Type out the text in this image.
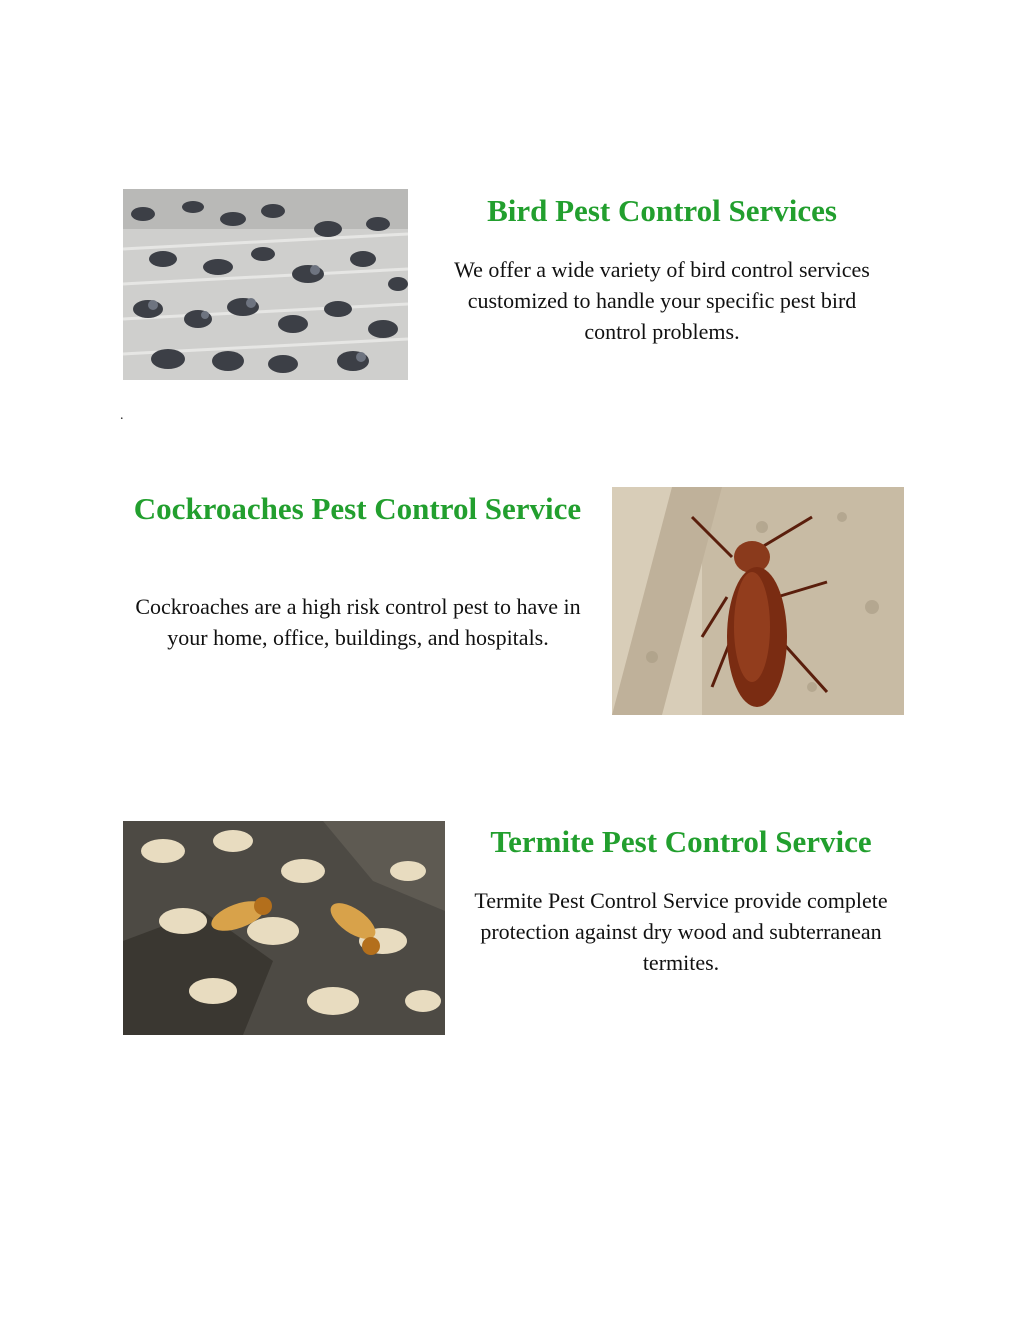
Bird Pest Control Services

We offer a wide variety of bird control services customized to handle your specific pest bird control problems.

.
Cockroaches Pest Control Service

Cockroaches are a high risk control pest to have in your home, office, buildings, and hospitals.

Termite Pest Control Service

Termite Pest Control Service provide complete protection against dry wood and subterranean termites.
